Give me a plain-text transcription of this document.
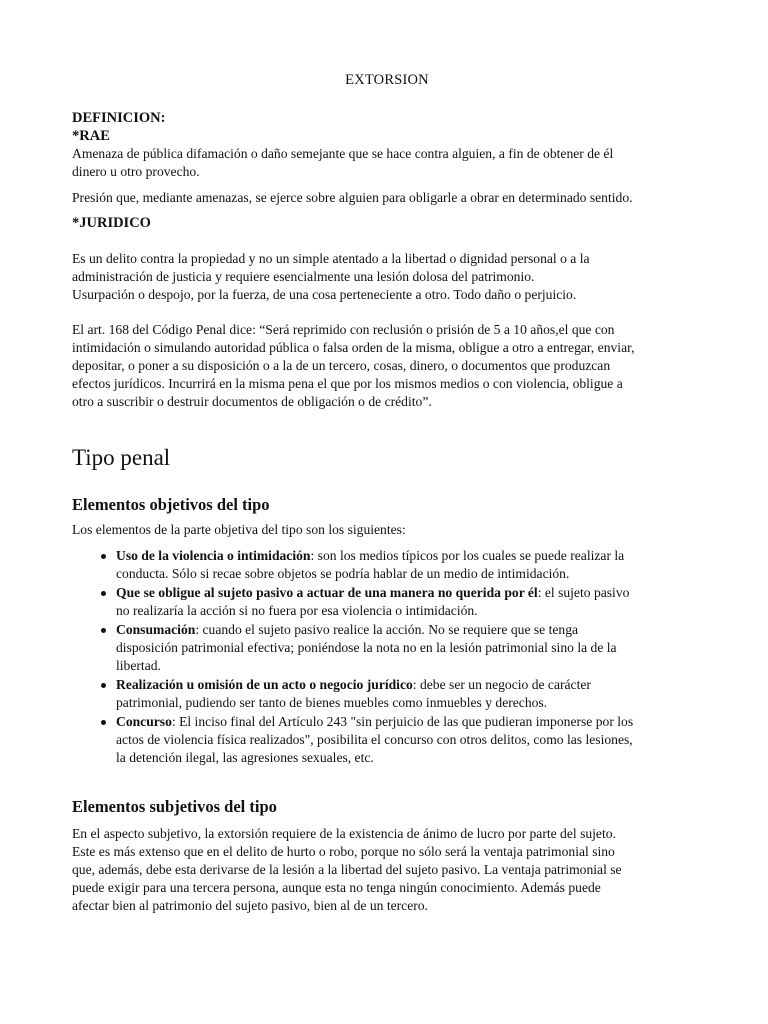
EXTORSION
DEFINICION:
*RAE
Amenaza de pública difamación o daño semejante que se hace contra alguien, a fin de obtener de él
dinero u otro provecho.
Presión que, mediante amenazas, se ejerce sobre alguien para obligarle a obrar en determinado sentido.
*JURIDICO
Es un delito contra la propiedad y no un simple atentado a la libertad o dignidad personal o a la
administración de justicia y requiere esencialmente una lesión dolosa del patrimonio.
Usurpación o despojo, por la fuerza, de una cosa perteneciente a otro. Todo daño o perjuicio.
El art. 168 del Código Penal dice: “Será reprimido con reclusión o prisión de 5 a 10 años,el que con
intimidación o simulando autoridad pública o falsa orden de la misma, obligue a otro a entregar, enviar,
depositar, o poner a su disposición o a la de un tercero, cosas, dinero, o documentos que produzcan
efectos jurídicos. Incurrirá en la misma pena el que por los mismos medios o con violencia, obligue a
otro a suscribir o destruir documentos de obligación o de crédito”.
Tipo penal
Elementos objetivos del tipo
Los elementos de la parte objetiva del tipo son los siguientes:
Uso de la violencia o intimidación: son los medios típicos por los cuales se puede realizar la
conducta. Sólo si recae sobre objetos se podría hablar de un medio de intimidación.
Que se obligue al sujeto pasivo a actuar de una manera no querida por él: el sujeto pasivo
no realizaría la acción si no fuera por esa violencia o intimidación.
Consumación: cuando el sujeto pasivo realice la acción. No se requiere que se tenga
disposición patrimonial efectiva; poniéndose la nota no en la lesión patrimonial sino la de la
libertad.
Realización u omisión de un acto o negocio jurídico: debe ser un negocio de carácter
patrimonial, pudiendo ser tanto de bienes muebles como inmuebles y derechos.
Concurso: El inciso final del Artículo 243 "sin perjuicio de las que pudieran imponerse por los
actos de violencia física realizados", posibilita el concurso con otros delitos, como las lesiones,
la detención ilegal, las agresiones sexuales, etc.
Elementos subjetivos del tipo
En el aspecto subjetivo, la extorsión requiere de la existencia de ánimo de lucro por parte del sujeto.
Este es más extenso que en el delito de hurto o robo, porque no sólo será la ventaja patrimonial sino
que, además, debe esta derivarse de la lesión a la libertad del sujeto pasivo. La ventaja patrimonial se
puede exigir para una tercera persona, aunque esta no tenga ningún conocimiento. Además puede
afectar bien al patrimonio del sujeto pasivo, bien al de un tercero.
